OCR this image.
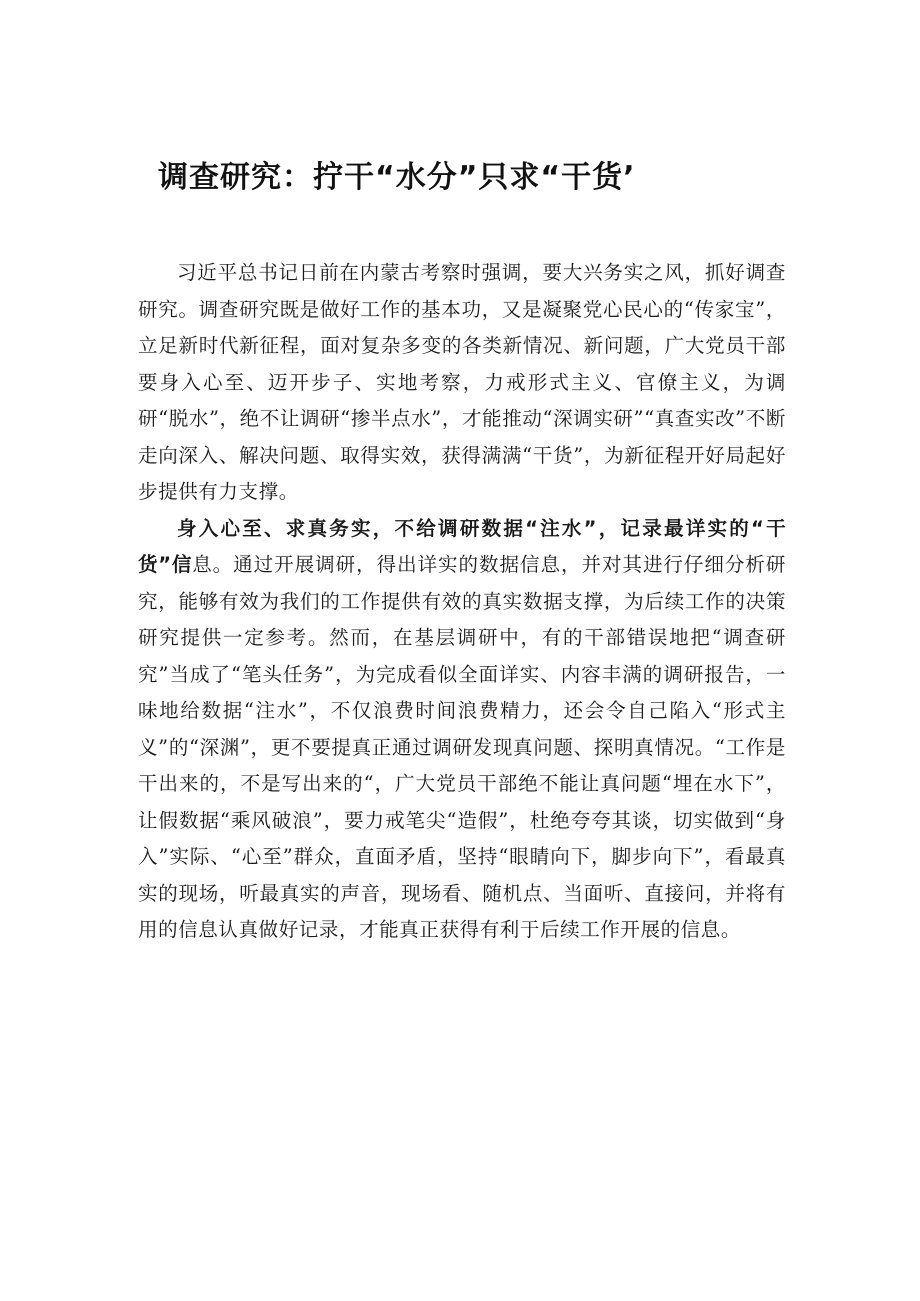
调查研究：拧干“水分”只求“干货’

习近平总书记日前在内蒙古考察时强调，要大兴务实之风，抓好调查研究。调查研究既是做好工作的基本功，又是凝聚党心民心的“传家宝”，立足新时代新征程，面对复杂多变的各类新情况、新问题，广大党员干部要身入心至、迈开步子、实地考察，力戒形式主义、官僚主义，为调研“脱水”，绝不让调研“掺半点水”，才能推动“深调实研”“真查实改”不断走向深入、解决问题、取得实效，获得满满“干货”，为新征程开好局起好步提供有力支撑。

身入心至、求真务实，不给调研数据“注水”，记录最详实的“干货”信息。通过开展调研，得出详实的数据信息，并对其进行仔细分析研究，能够有效为我们的工作提供有效的真实数据支撑，为后续工作的决策研究提供一定参考。然而，在基层调研中，有的干部错误地把“调查研究”当成了“笔头任务”，为完成看似全面详实、内容丰满的调研报告，一味地给数据“注水”，不仅浪费时间浪费精力，还会令自己陷入“形式主义”的“深渊”，更不要提真正通过调研发现真问题、探明真情况。“工作是干出来的，不是写出来的“，广大党员干部绝不能让真问题“埋在水下”，让假数据“乘风破浪”，要力戒笔尖“造假”，杜绝夸夸其谈，切实做到“身入”实际、“心至”群众，直面矛盾，坚持“眼睛向下，脚步向下”，看最真实的现场，听最真实的声音，现场看、随机点、当面听、直接问，并将有用的信息认真做好记录，才能真正获得有利于后续工作开展的信息。
